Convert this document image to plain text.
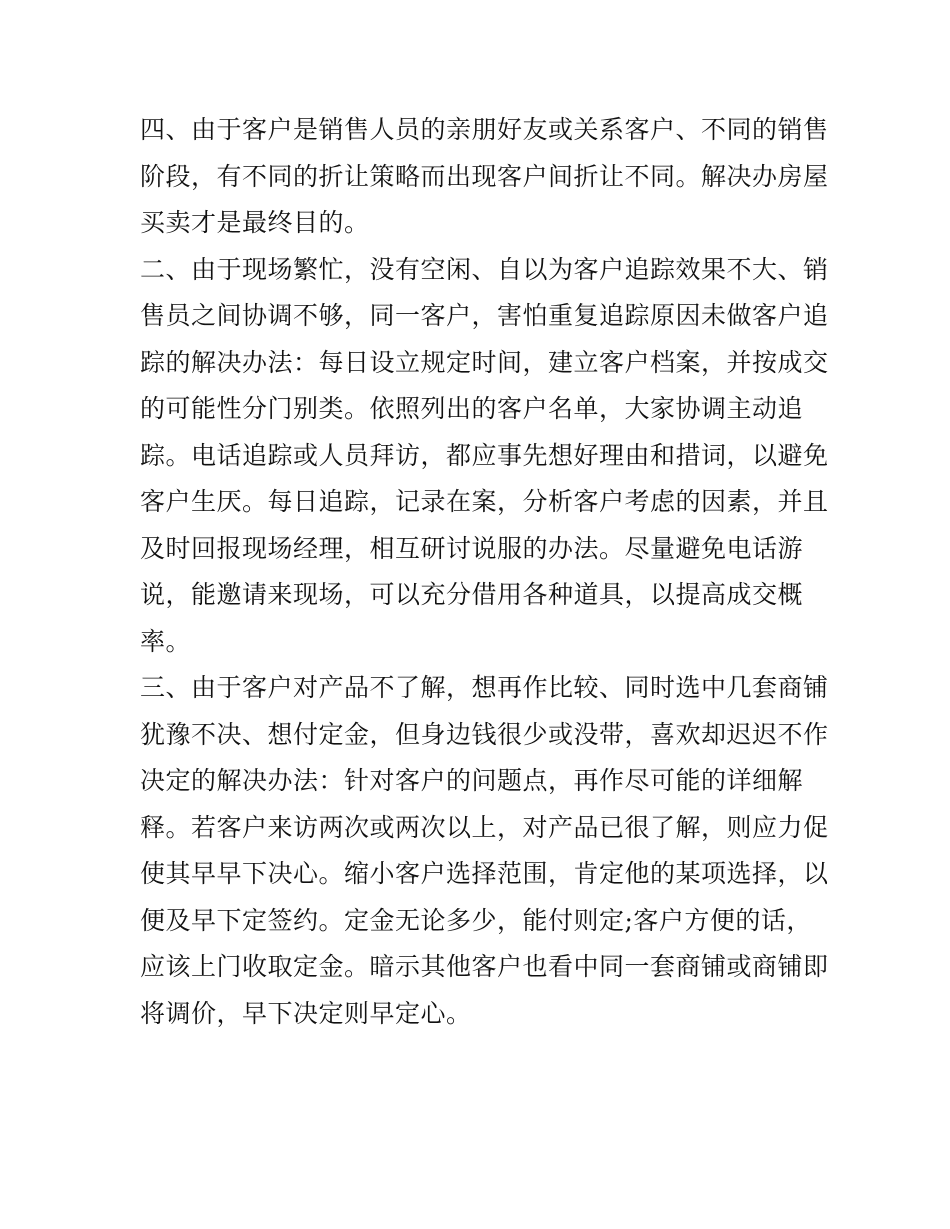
四、由于客户是销售人员的亲朋好友或关系客户、不同的销售
阶段，有不同的折让策略而出现客户间折让不同。解决办房屋
买卖才是最终目的。
二、由于现场繁忙，没有空闲、自以为客户追踪效果不大、销
售员之间协调不够，同一客户，害怕重复追踪原因未做客户追
踪的解决办法：每日设立规定时间，建立客户档案，并按成交
的可能性分门别类。依照列出的客户名单，大家协调主动追
踪。电话追踪或人员拜访，都应事先想好理由和措词，以避免
客户生厌。每日追踪，记录在案，分析客户考虑的因素，并且
及时回报现场经理，相互研讨说服的办法。尽量避免电话游
说，能邀请来现场，可以充分借用各种道具，以提高成交概
率。
三、由于客户对产品不了解，想再作比较、同时选中几套商铺
犹豫不决、想付定金，但身边钱很少或没带，喜欢却迟迟不作
决定的解决办法：针对客户的问题点，再作尽可能的详细解
释。若客户来访两次或两次以上，对产品已很了解，则应力促
使其早早下决心。缩小客户选择范围，肯定他的某项选择，以
便及早下定签约。定金无论多少，能付则定;客户方便的话，
应该上门收取定金。暗示其他客户也看中同一套商铺或商铺即
将调价，早下决定则早定心。
